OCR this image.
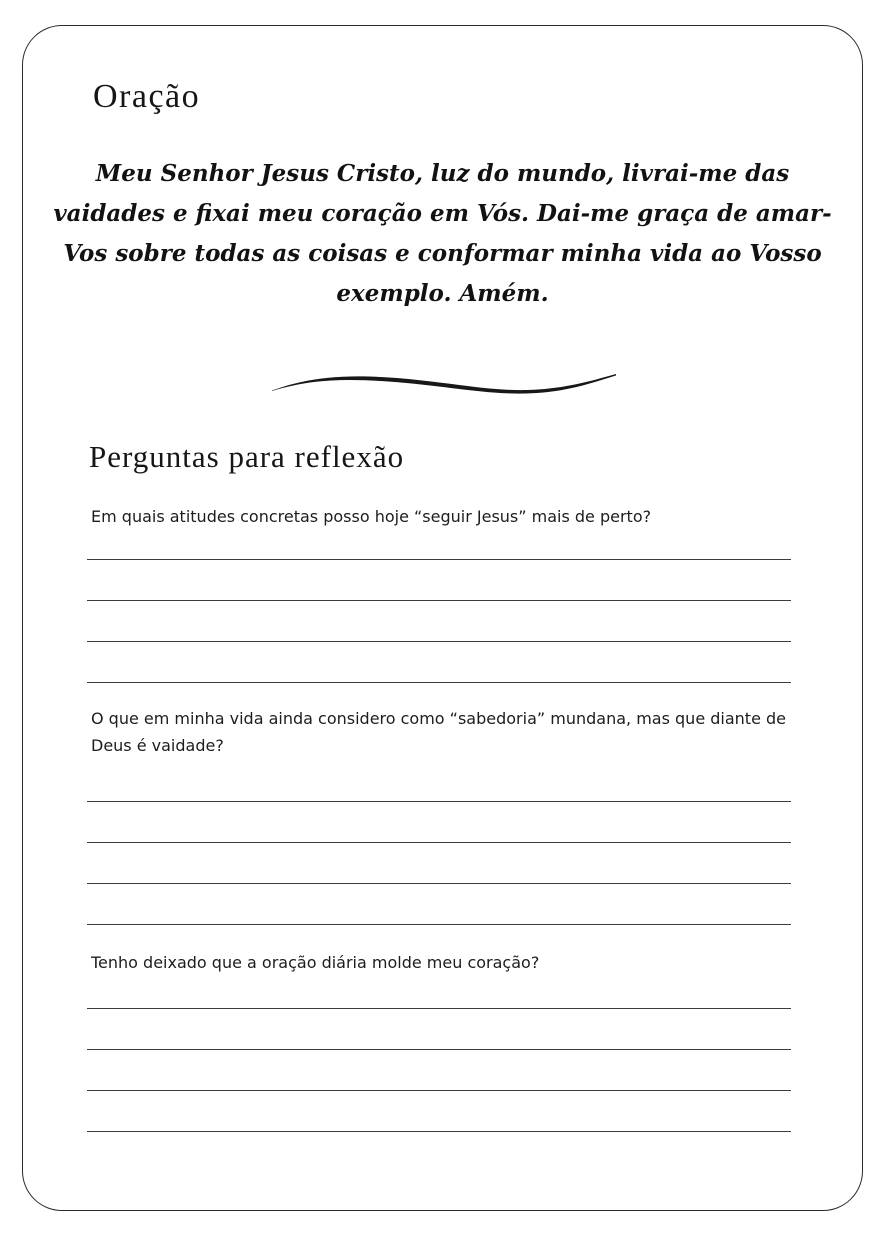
Oração
Meu Senhor Jesus Cristo, luz do mundo, livrai-me das
vaidades e fixai meu coração em Vós. Dai-me graça de amar-
Vos sobre todas as coisas e conformar minha vida ao Vosso
exemplo. Amém.
Perguntas para reflexão

Em quais atitudes concretas posso hoje “seguir Jesus” mais de perto?

O que em minha vida ainda considero como “sabedoria” mundana, mas que diante de Deus é vaidade?

Tenho deixado que a oração diária molde meu coração?
